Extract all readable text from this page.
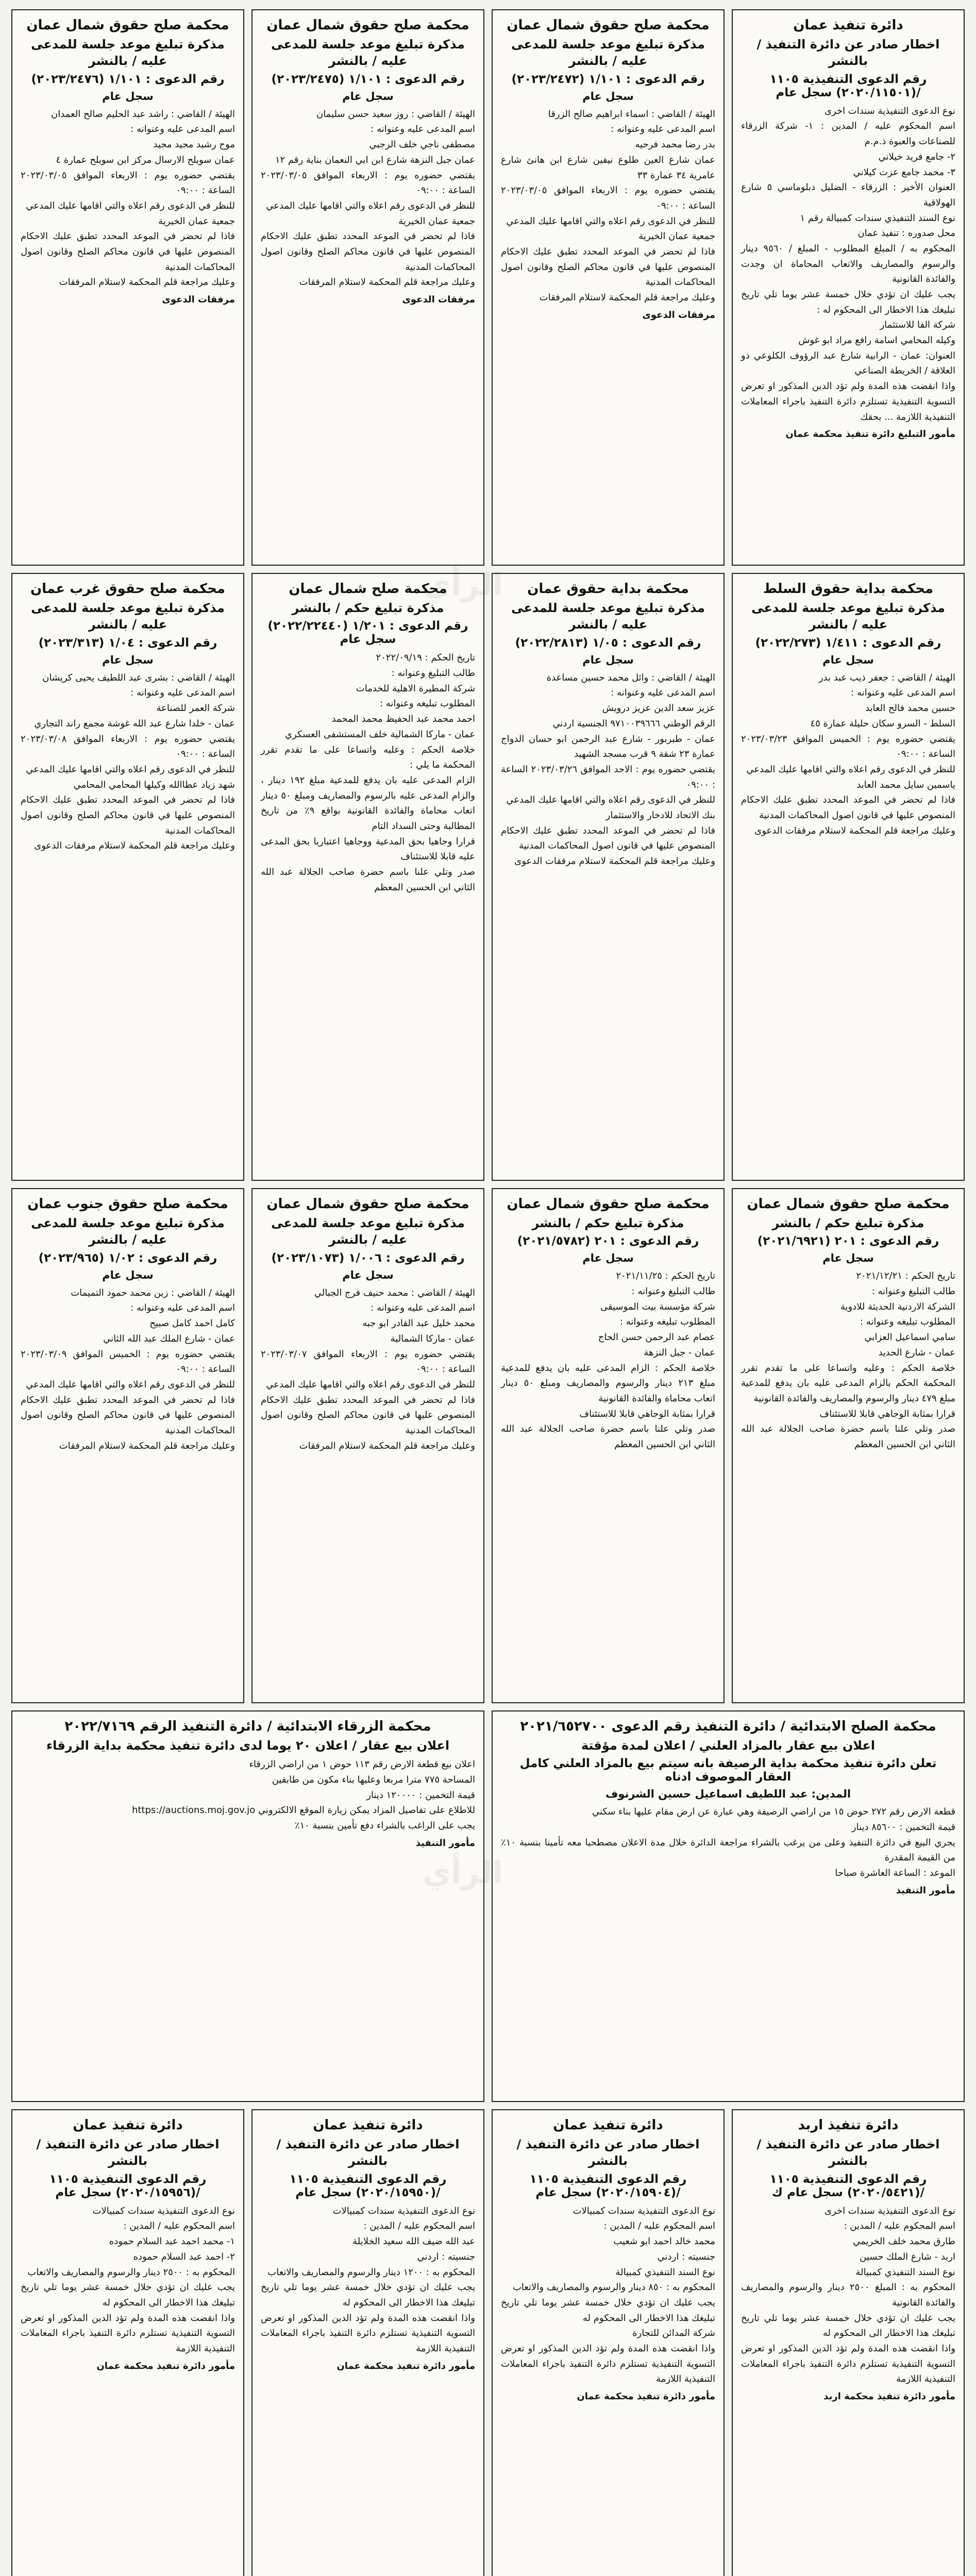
دائرة تنفيذ عمان
اخطار صادر عن دائرة التنفيذ / بالنشر
رقم الدعوى التنفيذية ١١٠٥ /(٢٠٢٠/١١٥٠١) سجل عام
نوع الدعوى التنفيذية سندات اخرى
اسم المحكوم عليه / المدين : ١- شركة الزرقاء للصناعات والعبوة ذ.م.م
٢- جامع فريد خيلاني
٣- محمد جامع عزت كيلاني
العنوان الأخير : الزرقاء - الضليل دبلوماسي ٥ شارع الهولاقية
نوع السند التنفيذي سندات كمبيالة رقم ١
محل صدوره : تنفيذ عمان
المحكوم به / المبلغ المطلوب - المبلغ / ٩٥٦٠ دينار والرسوم والمصاريف والاتعاب المحاماة ان وجدت والفائدة القانونية
يجب عليك ان تؤدي خلال خمسة عشر يوما تلي تاريخ تبليغك هذا الاخطار الى المحكوم له :
شركة الفا للاستثمار
وكيله المحامي اسامة رافع مراد ابو غوش
العنوان: عمان - الرابية شارع عبد الرؤوف الكلوعي ذو العلاقة / الخريطة الصناعي
واذا انقضت هذه المدة ولم تؤد الدين المذكور او تعرض التسوية التنفيذية تستلزم دائرة التنفيذ باجراء المعاملات التنفيذية اللازمة ... بحقك
مأمور التبليغ دائرة تنفيذ محكمة عمان
محكمة صلح حقوق شمال عمان
مذكرة تبليغ موعد جلسة للمدعى عليه / بالنشر
رقم الدعوى : ١/١٠١ (٢٠٢٣/٢٤٧٢)
سجل عام
الهيئة / القاضي : اسماء ابراهيم صالح الزرقا
اسم المدعى عليه وعنوانه :
بدر رضا محمد فرحيه
عمان شارع العين طلوع نيفين شارع ابن هانئ شارع عامرية ٣٤ عمارة ٣٣
يقتضي حضوره يوم : الاربعاء الموافق ٢٠٢٣/٠٣/٠٥ الساعة : ٠٩:٠٠
للنظر في الدعوى رقم اعلاه والتي اقامها عليك المدعي
جمعية عمان الخيرية
فاذا لم تحضر في الموعد المحدد تطبق عليك الاحكام المنصوص عليها في قانون محاكم الصلح وقانون اصول المحاكمات المدنية
وعليك مراجعة قلم المحكمة لاستلام المرفقات
مرفقات الدعوى
محكمة صلح حقوق شمال عمان
مذكرة تبليغ موعد جلسة للمدعى عليه / بالنشر
رقم الدعوى : ١/١٠١ (٢٠٢٣/٢٤٧٥)
سجل عام
الهيئة / القاضي : روز سعيد حسن سليمان
اسم المدعى عليه وعنوانه :
مصطفى ناجي خلف الرجبي
عمان جبل النزهة شارع ابن ابي النعمان بناية رقم ١٢
يقتضي حضوره يوم : الاربعاء الموافق ٢٠٢٣/٠٣/٠٥ الساعة : ٠٩:٠٠
للنظر في الدعوى رقم اعلاه والتي اقامها عليك المدعي
جمعية عمان الخيرية
فاذا لم تحضر في الموعد المحدد تطبق عليك الاحكام المنصوص عليها في قانون محاكم الصلح وقانون اصول المحاكمات المدنية
وعليك مراجعة قلم المحكمة لاستلام المرفقات
مرفقات الدعوى
محكمة صلح حقوق شمال عمان
مذكرة تبليغ موعد جلسة للمدعى عليه / بالنشر
رقم الدعوى : ١/١٠١ (٢٠٢٣/٢٤٧٦)
سجل عام
الهيئة / القاضي : راشد عبد الحليم صالح العمدان
اسم المدعى عليه وعنوانه :
موح رشيد مجيد مجيد
عمان سويلح الارسال مركز ابن سويلح عمارة ٤
يقتضي حضوره يوم : الاربعاء الموافق ٢٠٢٣/٠٣/٠٥ الساعة : ٠٩:٠٠
للنظر في الدعوى رقم اعلاه والتي اقامها عليك المدعي
جمعية عمان الخيرية
فاذا لم تحضر في الموعد المحدد تطبق عليك الاحكام المنصوص عليها في قانون محاكم الصلح وقانون اصول المحاكمات المدنية
وعليك مراجعة قلم المحكمة لاستلام المرفقات
مرفقات الدعوى
محكمة بداية حقوق السلط
مذكرة تبليغ موعد جلسة للمدعى عليه / بالنشر
رقم الدعوى : ١/٤١١ (٢٠٢٢/٢٧٣)
سجل عام
الهيئة / القاضي : جعفر ذيب عبد بدر
اسم المدعى عليه وعنوانه :
حسين محمد فالح العابد
السلط - السرو سكان حليلة عمارة ٤٥
يقتضي حضوره يوم : الخميس الموافق ٢٠٢٣/٠٣/٢٣ الساعة : ٠٩:٠٠
للنظر في الدعوى رقم اعلاه والتي اقامها عليك المدعي
ياسمين سايل محمد العابد
فاذا لم تحضر في الموعد المحدد تطبق عليك الاحكام المنصوص عليها في قانون اصول المحاكمات المدنية
وعليك مراجعة قلم المحكمة لاستلام مرفقات الدعوى
محكمة بداية حقوق عمان
مذكرة تبليغ موعد جلسة للمدعى عليه / بالنشر
رقم الدعوى : ١/٠٥ (٢٠٢٢/٢٨١٣)
سجل عام
الهيئة / القاضي : وائل محمد حسين مساعدة
اسم المدعى عليه وعنوانه :
عزيز سعد الدين عزيز درويش
الرقم الوطني ٩٧١٠٠٣٩٦٦٦ الجنسية اردني
عمان - طبربور - شارع عبد الرحمن ابو حسان الدواج عمارة ٢٣ شقة ٩ قرب مسجد الشهيد
يقتضي حضوره يوم : الاحد الموافق ٢٠٢٣/٠٣/٢٦ الساعة : ٠٩:٠٠
للنظر في الدعوى رقم اعلاه والتي اقامها عليك المدعي
بنك الاتحاد للادخار والاستثمار
فاذا لم تحضر في الموعد المحدد تطبق عليك الاحكام المنصوص عليها في قانون اصول المحاكمات المدنية
وعليك مراجعة قلم المحكمة لاستلام مرفقات الدعوى
محكمة صلح شمال عمان
مذكرة تبليغ حكم / بالنشر
رقم الدعوى : ١/٢٠١ (٢٠٢٢/٢٢٤٤٠) سجل عام
تاريخ الحكم : ٢٠٢٢/٠٩/١٩
طالب التبليغ وعنوانه :
شركة المطيرة الاهلية للخدمات
المطلوب تبليغه وعنوانه :
احمد محمد عبد الحفيظ محمد المحمد
عمان - ماركا الشمالية خلف المستشفى العسكري
خلاصة الحكم : وعليه واتساعا على ما تقدم تقرر المحكمة ما يلي :
الزام المدعى عليه بان يدفع للمدعية مبلغ ١٩٢ دينار ، والزام المدعى عليه بالرسوم والمصاريف ومبلغ ٥٠ دينار اتعاب محاماة والفائدة القانونية بواقع ٩٪ من تاريخ المطالبة وحتى السداد التام
قرارا وجاهيا بحق المدعية ووجاهيا اعتباريا بحق المدعى عليه قابلا للاستئناف
صدر وتلي علنا باسم حضرة صاحب الجلالة عبد الله الثاني ابن الحسين المعظم
محكمة صلح حقوق غرب عمان
مذكرة تبليغ موعد جلسة للمدعى عليه / بالنشر
رقم الدعوى : ١/٠٤ (٢٠٢٣/٣١٣)
سجل عام
الهيئة / القاضي : بشرى عبد اللطيف يحيى كريشان
اسم المدعى عليه وعنوانه :
شركة العمر للصناعة
عمان - خلدا شارع عبد الله غوشة مجمع راند التجاري
يقتضي حضوره يوم : الاربعاء الموافق ٢٠٢٣/٠٣/٠٨ الساعة : ٠٩:٠٠
للنظر في الدعوى رقم اعلاه والتي اقامها عليك المدعي
شهد زياد عطاالله وكيلها المحامي المحامي
فاذا لم تحضر في الموعد المحدد تطبق عليك الاحكام المنصوص عليها في قانون محاكم الصلح وقانون اصول المحاكمات المدنية
وعليك مراجعة قلم المحكمة لاستلام مرفقات الدعوى
محكمة صلح حقوق شمال عمان
مذكرة تبليغ حكم / بالنشر
رقم الدعوى : ٢٠١ (٢٠٢١/٦٩٢١)
سجل عام
تاريخ الحكم : ٢٠٢١/١٢/٢١
طالب التبليغ وعنوانه :
الشركة الاردنية الحديثة للادوية
المطلوب تبليغه وعنوانه :
سامي اسماعيل العزابي
عمان - شارع الحديد
خلاصة الحكم : وعليه واتساعا على ما تقدم تقرر المحكمة الحكم بالزام المدعى عليه بان يدفع للمدعية مبلغ ٤٧٩ دينار والرسوم والمصاريف والفائدة القانونية
قرارا بمثابة الوجاهي قابلا للاستئناف
صدر وتلي علنا باسم حضرة صاحب الجلالة عبد الله الثاني ابن الحسين المعظم
محكمة صلح حقوق شمال عمان
مذكرة تبليغ حكم / بالنشر
رقم الدعوى : ٢٠١ (٢٠٢١/٥٧٨٢)
سجل عام
تاريخ الحكم : ٢٠٢١/١١/٢٥
طالب التبليغ وعنوانه :
شركة مؤسسة بيت الموسيقى
المطلوب تبليغه وعنوانه :
عصام عبد الرحمن حسن الحاج
عمان - جبل النزهة
خلاصة الحكم : الزام المدعى عليه بان يدفع للمدعية مبلغ ٢١٣ دينار والرسوم والمصاريف ومبلغ ٥٠ دينار اتعاب محاماة والفائدة القانونية
قرارا بمثابة الوجاهي قابلا للاستئناف
صدر وتلي علنا باسم حضرة صاحب الجلالة عبد الله الثاني ابن الحسين المعظم
محكمة صلح حقوق شمال عمان
مذكرة تبليغ موعد جلسة للمدعى عليه / بالنشر
رقم الدعوى : ١/٠٠٦ (٢٠٢٣/١٠٧٣)
سجل عام
الهيئة / القاضي : محمد حنيف فرج الجبالي
اسم المدعى عليه وعنوانه :
محمد خليل عبد القادر ابو جبه
عمان - ماركا الشمالية
يقتضي حضوره يوم : الاربعاء الموافق ٢٠٢٣/٠٣/٠٧ الساعة : ٠٩:٠٠
للنظر في الدعوى رقم اعلاه والتي اقامها عليك المدعي
فاذا لم تحضر في الموعد المحدد تطبق عليك الاحكام المنصوص عليها في قانون محاكم الصلح وقانون اصول المحاكمات المدنية
وعليك مراجعة قلم المحكمة لاستلام المرفقات
محكمة صلح حقوق جنوب عمان
مذكرة تبليغ موعد جلسة للمدعى عليه / بالنشر
رقم الدعوى : ١/٠٢ (٢٠٢٣/٩٦٥)
سجل عام
الهيئة / القاضي : زين محمد حمود التميمات
اسم المدعى عليه وعنوانه :
كامل احمد كامل صبيح
عمان - شارع الملك عبد الله الثاني
يقتضي حضوره يوم : الخميس الموافق ٢٠٢٣/٠٣/٠٩ الساعة : ٠٩:٠٠
للنظر في الدعوى رقم اعلاه والتي اقامها عليك المدعي
فاذا لم تحضر في الموعد المحدد تطبق عليك الاحكام المنصوص عليها في قانون محاكم الصلح وقانون اصول المحاكمات المدنية
وعليك مراجعة قلم المحكمة لاستلام المرفقات
محكمة الصلح الابتدائية / دائرة التنفيذ رقم الدعوى ٢٠٢١/٦٥٢٧٠٠
اعلان بيع عقار بالمزاد العلني / اعلان لمدة مؤقتة
تعلن دائرة تنفيذ محكمة بداية الرصيفة بانه سيتم بيع بالمزاد العلني كامل العقار الموصوف ادناه
المدين: عبد اللطيف اسماعيل حسين الشرنوف
قطعة الارض رقم ٢٧٢ حوض ١٥ من اراضي الرصيفة وهي عبارة عن ارض مقام عليها بناء سكني
قيمة التخمين : ٨٥٦٠٠ دينار
يجري البيع في دائرة التنفيذ وعلى من يرغب بالشراء مراجعة الدائرة خلال مدة الاعلان مصطحبا معه تأمينا بنسبة ١٠٪ من القيمة المقدرة
الموعد : الساعة العاشرة صباحا
مأمور التنفيذ
محكمة الزرقاء الابتدائية / دائرة التنفيذ الرقم ٢٠٢٢/٧١٦٩
اعلان بيع عقار / اعلان ٢٠ يوما لدى دائرة تنفيذ محكمة بداية الزرقاء
اعلان بيع قطعة الارض رقم ١١٣ حوض ١ من اراضي الزرقاء
المساحة ٧٧٥ مترا مربعا وعليها بناء مكون من طابقين
قيمة التخمين : ١٢٠٠٠٠ دينار
للاطلاع على تفاصيل المزاد يمكن زيارة الموقع الالكتروني https://auctions.moj.gov.jo
يجب على الراغب بالشراء دفع تأمين بنسبة ١٠٪
مأمور التنفيذ
دائرة تنفيذ اربد
اخطار صادر عن دائرة التنفيذ / بالنشر
رقم الدعوى التنفيذية ١١٠٥ /(٢٠٢٠/٥٤٢١) سجل عام ك
نوع الدعوى التنفيذية سندات اخرى
اسم المحكوم عليه / المدين :
طارق محمد خلف الخريمي
اربد - شارع الملك حسين
نوع السند التنفيذي كمبيالة
المحكوم به : المبلغ ٢٥٠٠ دينار والرسوم والمصاريف والفائدة القانونية
يجب عليك ان تؤدي خلال خمسة عشر يوما تلي تاريخ تبليغك هذا الاخطار الى المحكوم له
واذا انقضت هذه المدة ولم تؤد الدين المذكور او تعرض التسوية التنفيذية تستلزم دائرة التنفيذ باجراء المعاملات التنفيذية اللازمة
مأمور دائرة تنفيذ محكمة اربد
دائرة تنفيذ عمان
اخطار صادر عن دائرة التنفيذ / بالنشر
رقم الدعوى التنفيذية ١١٠٥ /(٢٠٢٠/١٥٩٠٤) سجل عام
نوع الدعوى التنفيذية سندات كمبيالات
اسم المحكوم عليه / المدين :
محمد خالد احمد ابو شعيب
جنسيته : اردني
نوع السند التنفيذي كمبيالة
المحكوم به : ٨٥٠ دينار والرسوم والمصاريف والاتعاب
يجب عليك ان تؤدي خلال خمسة عشر يوما تلي تاريخ تبليغك هذا الاخطار الى المحكوم له
شركة المدائن للتجارة
واذا انقضت هذه المدة ولم تؤد الدين المذكور او تعرض التسوية التنفيذية تستلزم دائرة التنفيذ باجراء المعاملات التنفيذية اللازمة
مأمور دائرة تنفيذ محكمة عمان
دائرة تنفيذ عمان
اخطار صادر عن دائرة التنفيذ / بالنشر
رقم الدعوى التنفيذية ١١٠٥ /(٢٠٢٠/١٥٩٥٠) سجل عام
نوع الدعوى التنفيذية سندات كمبيالات
اسم المحكوم عليه / المدين :
عبد الله ضيف الله سعيد الخلايلة
جنسيته : اردني
المحكوم به : ١٢٠٠ دينار والرسوم والمصاريف والاتعاب
يجب عليك ان تؤدي خلال خمسة عشر يوما تلي تاريخ تبليغك هذا الاخطار الى المحكوم له
واذا انقضت هذه المدة ولم تؤد الدين المذكور او تعرض التسوية التنفيذية تستلزم دائرة التنفيذ باجراء المعاملات التنفيذية اللازمة
مأمور دائرة تنفيذ محكمة عمان
دائرة تنفيذ عمان
اخطار صادر عن دائرة التنفيذ / بالنشر
رقم الدعوى التنفيذية ١١٠٥ /(٢٠٢٠/١٥٩٥٦) سجل عام
نوع الدعوى التنفيذية سندات كمبيالات
اسم المحكوم عليه / المدين :
١- محمد احمد عبد السلام حموده
٢- احمد عبد السلام حموده
المحكوم به : ٢٥٠٠ دينار والرسوم والمصاريف والاتعاب
يجب عليك ان تؤدي خلال خمسة عشر يوما تلي تاريخ تبليغك هذا الاخطار الى المحكوم له
واذا انقضت هذه المدة ولم تؤد الدين المذكور او تعرض التسوية التنفيذية تستلزم دائرة التنفيذ باجراء المعاملات التنفيذية اللازمة
مأمور دائرة تنفيذ محكمة عمان
